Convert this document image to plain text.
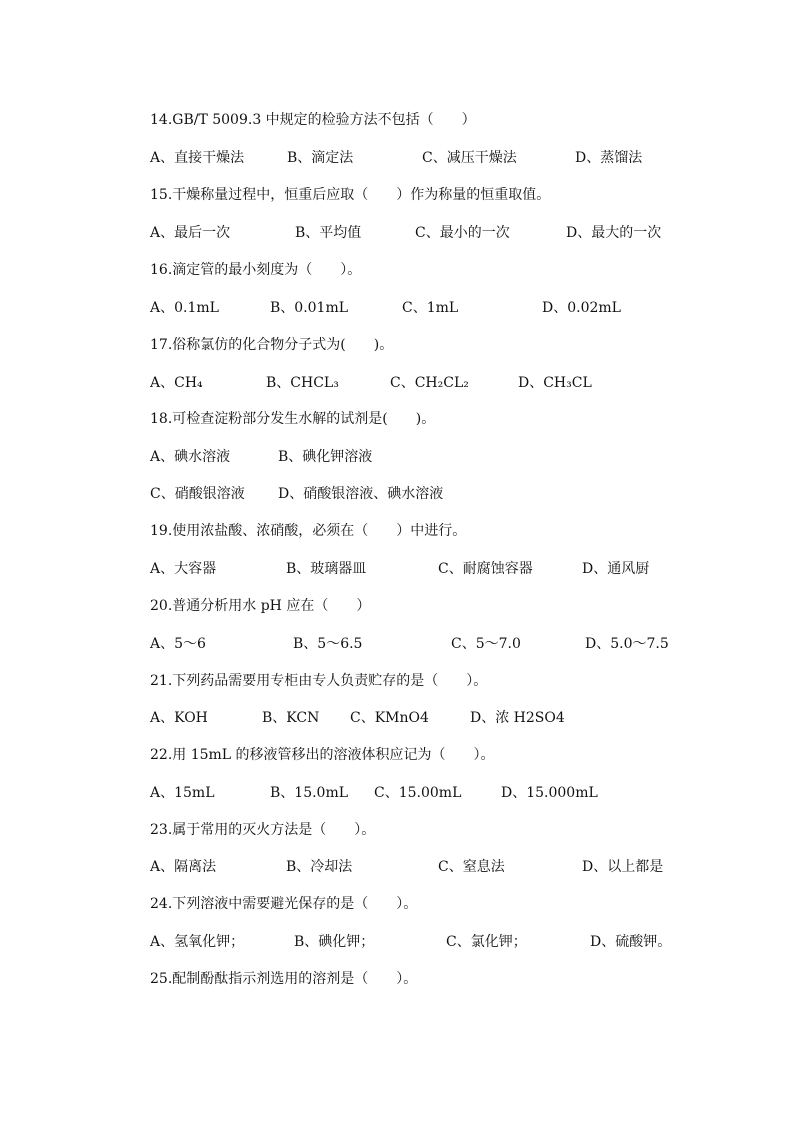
14.GB/T 5009.3 中规定的检验方法不包括（　　）
A、直接干燥法	B、滴定法	C、减压干燥法	D、蒸馏法
15.干燥称量过程中，恒重后应取（　　）作为称量的恒重取值。
A、最后一次	B、平均值	C、最小的一次	D、最大的一次
16.滴定管的最小刻度为（　　）。
A、0.1mL	B、0.01mL	C、1mL	D、0.02mL
17.俗称氯仿的化合物分子式为(　　)。
A、CH₄	B、CHCL₃	C、CH₂CL₂	D、CH₃CL
18.可检查淀粉部分发生水解的试剂是(　　)。
A、碘水溶液	B、碘化钾溶液
C、硝酸银溶液 D、硝酸银溶液、碘水溶液
19.使用浓盐酸、浓硝酸，必须在（　　）中进行。
A、大容器	B、玻璃器皿	C、耐腐蚀容器	D、通风厨
20.普通分析用水 pH 应在（　　）
A、5～6	B、5～6.5	C、5～7.0	D、5.0～7.5
21.下列药品需要用专柜由专人负责贮存的是（　　）。
A、KOH	B、KCN C、KMnO4	D、浓 H2SO4
22.用 15mL 的移液管移出的溶液体积应记为（　　）。
A、15mL	B、15.0mL C、15.00mL	D、15.000mL
23.属于常用的灭火方法是（　　）。
A、隔离法	B、冷却法	C、窒息法	D、以上都是
24.下列溶液中需要避光保存的是（　　）。
A、氢氧化钾；	B、碘化钾；	C、氯化钾；	D、硫酸钾。
25.配制酚酞指示剂选用的溶剂是（　　）。
